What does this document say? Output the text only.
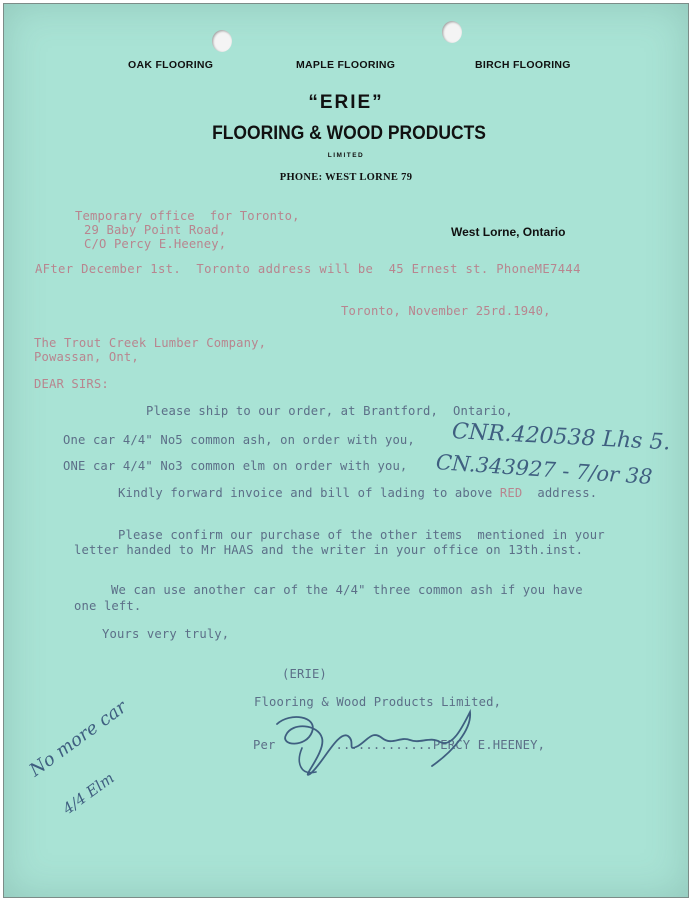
OAK FLOORING	MAPLE FLOORING	BIRCH FLOORING
“ERIE”
FLOORING & WOOD PRODUCTS
LIMITED
PHONE: WEST LORNE 79
West Lorne, Ontario
Temporary office  for Toronto,
29 Baby Point Road,
C/O Percy E.Heeney,
AFter December 1st.  Toronto address will be  45 Ernest st. PhoneME7444
Toronto, November 25rd.1940,
The Trout Creek Lumber Company,
Powassan, Ont,
DEAR SIRS:
Please ship to our order, at Brantford,  Ontario,
One car 4/4" No5 common ash, on order with you,
ONE car 4/4" No3 common elm on order with you,
Kindly forward invoice and bill of lading to above RED address.
Please confirm our purchase of the other items  mentioned in your
letter handed to Mr HAAS and the writer in your office on 13th.inst.
We can use another car of the 4/4" three common ash if you have
one left.
Yours very truly,
(ERIE)
Flooring & Wood Products Limited,
Per	.............PERCY E.HEENEY,
CNR.420538 Lhs 5.
CN.343927 - 7/or 38
No more car
4/4 Elm
